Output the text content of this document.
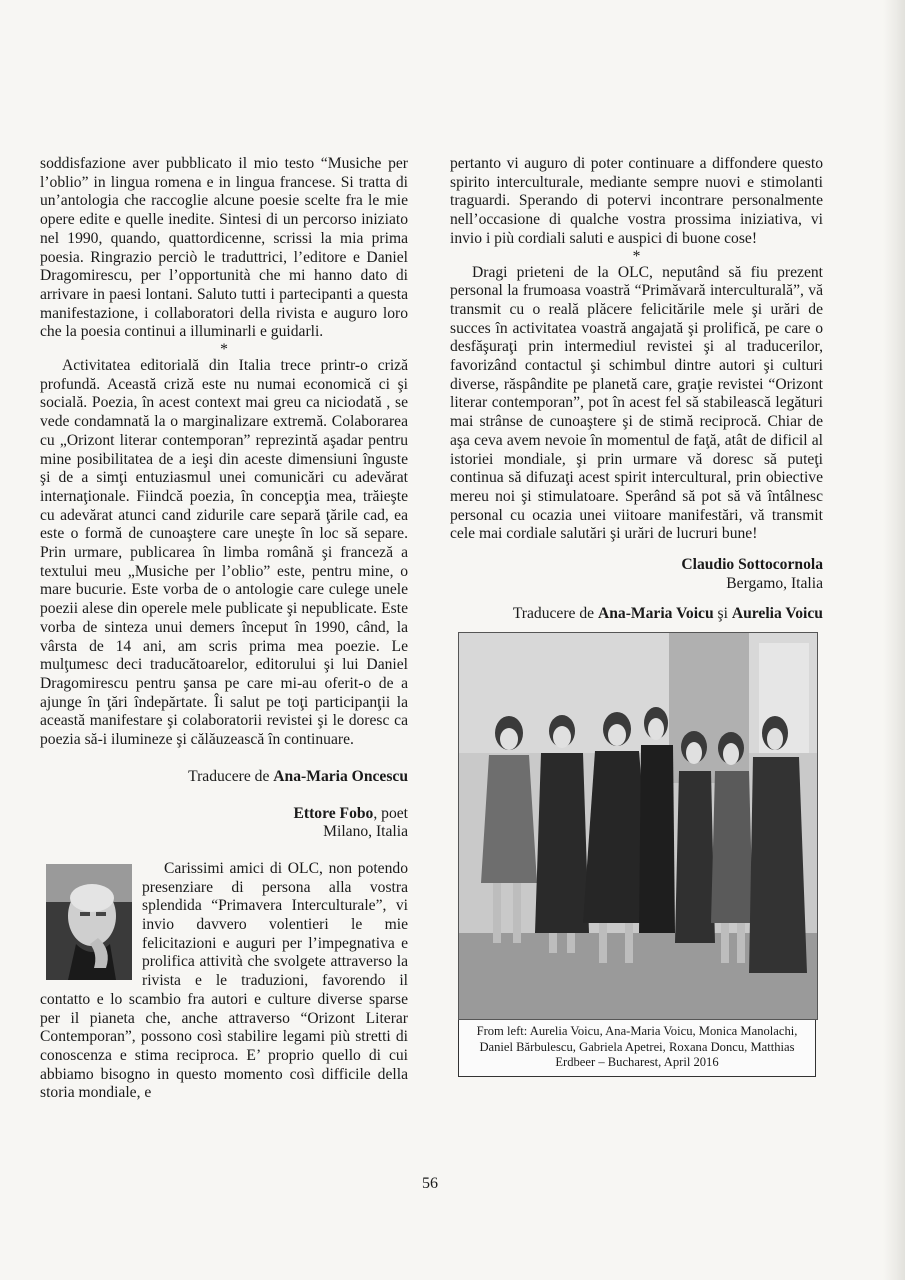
soddisfazione aver pubblicato il mio testo “Musiche per l’oblio” in lingua romena e in lingua francese. Si tratta di un’antologia che raccoglie alcune poesie scelte fra le mie opere edite e quelle inedite. Sintesi di un percorso iniziato nel 1990, quando, quattordicenne, scrissi la mia prima poesia. Ringrazio perciò le traduttrici, l’editore e Daniel Dragomirescu, per l’opportunità che mi hanno dato di arrivare in paesi lontani. Saluto tutti i partecipanti a questa manifestazione, i collaboratori della rivista e auguro loro che la poesia continui a illuminarli e guidarli.

*

Activitatea editorială din Italia trece printr-o criză profundă. Această criză este nu numai economică ci şi socială. Poezia, în acest context mai greu ca niciodată , se vede condamnată la o marginalizare extremă. Colaborarea cu „Orizont literar contemporan” reprezintă aşadar pentru mine posibilitatea de a ieşi din aceste dimensiuni înguste şi de a simţi entuziasmul unei comunicări cu adevărat internaţionale. Fiindcă poezia, în concepţia mea, trăieşte cu adevărat atunci cand zidurile care separă ţările cad, ea este o formă de cunoaştere care uneşte în loc să separe. Prin urmare, publicarea în limba română şi franceză a textului meu „Musiche per l’oblio” este, pentru mine, o mare bucurie. Este vorba de o antologie care culege unele poezii alese din operele mele publicate şi nepublicate. Este vorba de sinteza unui demers început în 1990, când, la vârsta de 14 ani, am scris prima mea poezie. Le mulţumesc deci traducătoarelor, editorului şi lui Daniel Dragomirescu pentru şansa pe care mi-au oferit-o de a ajunge în ţări îndepărtate. Îi salut pe toţi participanţii la această manifestare şi colaboratorii revistei şi le doresc ca poezia să-i ilumineze şi călăuzească în continuare.

Traducere de Ana-Maria Oncescu

Ettore Fobo, poet

Milano, Italia

Carissimi amici di OLC, non potendo presenziare di persona alla vostra splendida “Primavera Interculturale”, vi invio davvero volentieri le mie felicitazioni e auguri per l’impegnativa e prolifica attività che svolgete attraverso la rivista e le traduzioni, favorendo il contatto e lo scambio fra autori e culture diverse sparse per il pianeta che, anche attraverso “Orizont Literar Contemporan”, possono così stabilire legami più stretti di conoscenza e stima reciproca. E’ proprio quello di cui abbiamo bisogno in questo momento così difficile della storia mondiale, e

pertanto vi auguro di poter continuare a diffondere questo spirito interculturale, mediante sempre nuovi e stimolanti traguardi. Sperando di potervi incontrare personalmente nell’occasione di qualche vostra prossima iniziativa, vi invio i più cordiali saluti e auspici di buone cose!

*

Dragi prieteni de la OLC, neputând să fiu prezent personal la frumoasa voastră “Primăvară interculturală”, vă transmit cu o reală plăcere felicitările mele şi urări de succes în activitatea voastră angajată şi prolifică, pe care o desfăşuraţi prin intermediul revistei şi al traducerilor, favorizând contactul şi schimbul dintre autori şi culturi diverse, răspândite pe planetă care, graţie revistei “Orizont literar contemporan”, pot în acest fel să stabilească legături mai strânse de cunoaştere şi de stimă reciprocă. Chiar de aşa ceva avem nevoie în momentul de faţă, atât de dificil al istoriei mondiale, şi prin urmare vă doresc să puteţi continua să difuzaţi acest spirit intercultural, prin obiective mereu noi şi stimulatoare. Sperând să pot să vă întâlnesc personal cu ocazia unei viitoare manifestări, vă transmit cele mai cordiale salutări şi urări de lucruri bune!

Claudio Sottocornola

Bergamo, Italia

Traducere de Ana-Maria Voicu şi Aurelia Voicu

From left: Aurelia Voicu, Ana-Maria Voicu, Monica Manolachi, Daniel Bărbulescu, Gabriela Apetrei, Roxana Doncu, Matthias Erdbeer – Bucharest, April 2016
56
